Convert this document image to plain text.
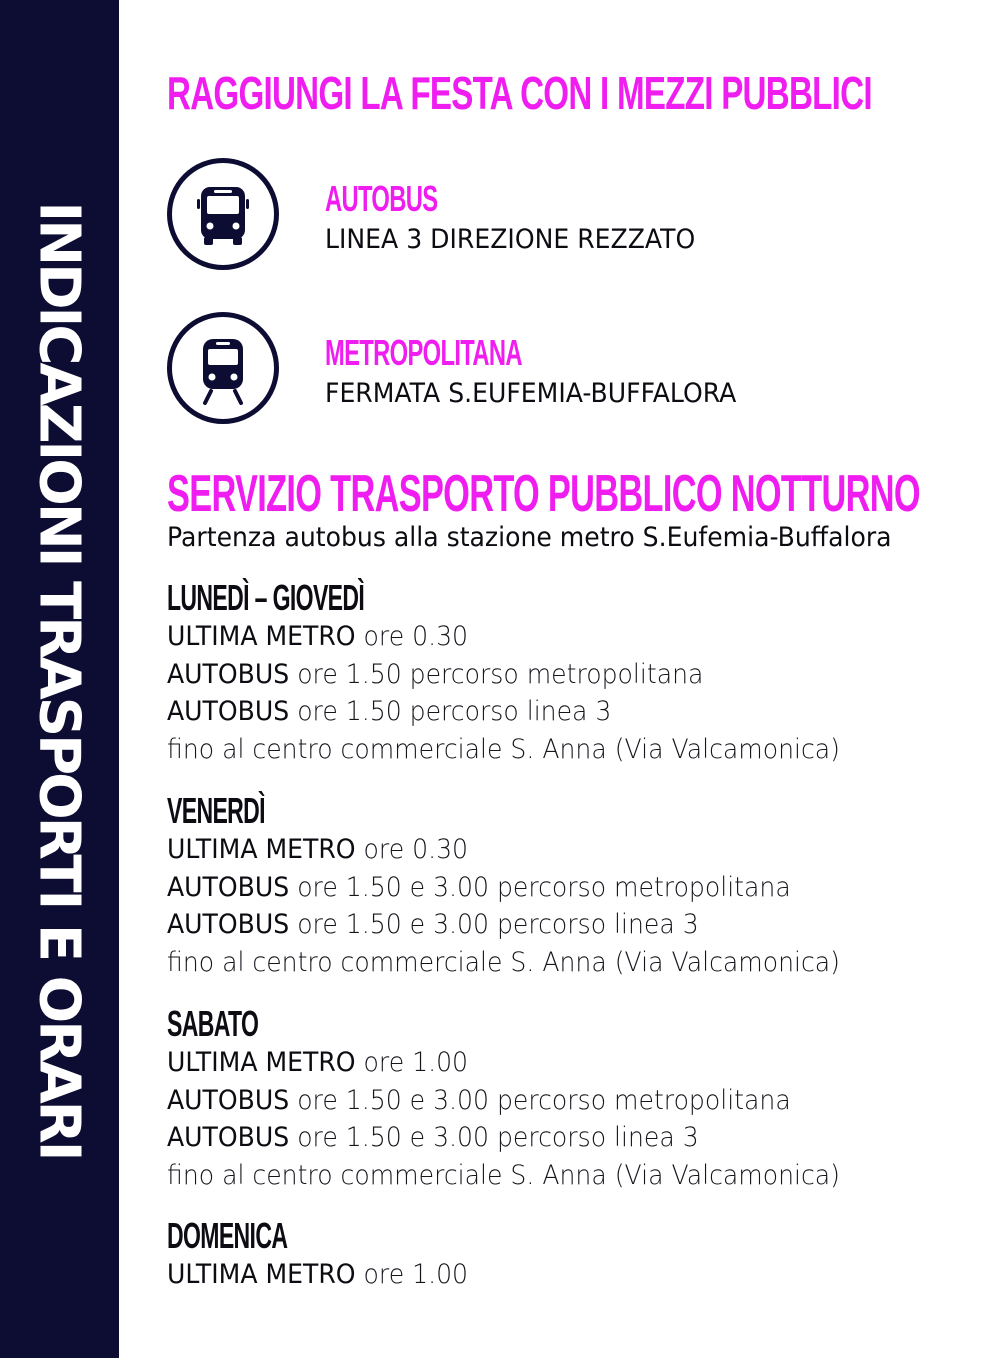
INDICAZIONI TRASPORTI E ORARI
RAGGIUNGI LA FESTA CON I MEZZI PUBBLICI
AUTOBUS
LINEA 3 DIREZIONE REZZATO
METROPOLITANA
FERMATA S.EUFEMIA-BUFFALORA
SERVIZIO TRASPORTO PUBBLICO NOTTURNO
Partenza autobus alla stazione metro S.Eufemia-Buffalora
LUNEDÌ – GIOVEDÌ
ULTIMA METRO ore 0.30
AUTOBUS ore 1.50 percorso metropolitana
AUTOBUS ore 1.50 percorso linea 3
fino al centro commerciale S. Anna (Via Valcamonica)
VENERDÌ
ULTIMA METRO ore 0.30
AUTOBUS ore 1.50 e 3.00 percorso metropolitana
AUTOBUS ore 1.50 e 3.00 percorso linea 3
fino al centro commerciale S. Anna (Via Valcamonica)
SABATO
ULTIMA METRO ore 1.00
AUTOBUS ore 1.50 e 3.00 percorso metropolitana
AUTOBUS ore 1.50 e 3.00 percorso linea 3
fino al centro commerciale S. Anna (Via Valcamonica)
DOMENICA
ULTIMA METRO ore 1.00
